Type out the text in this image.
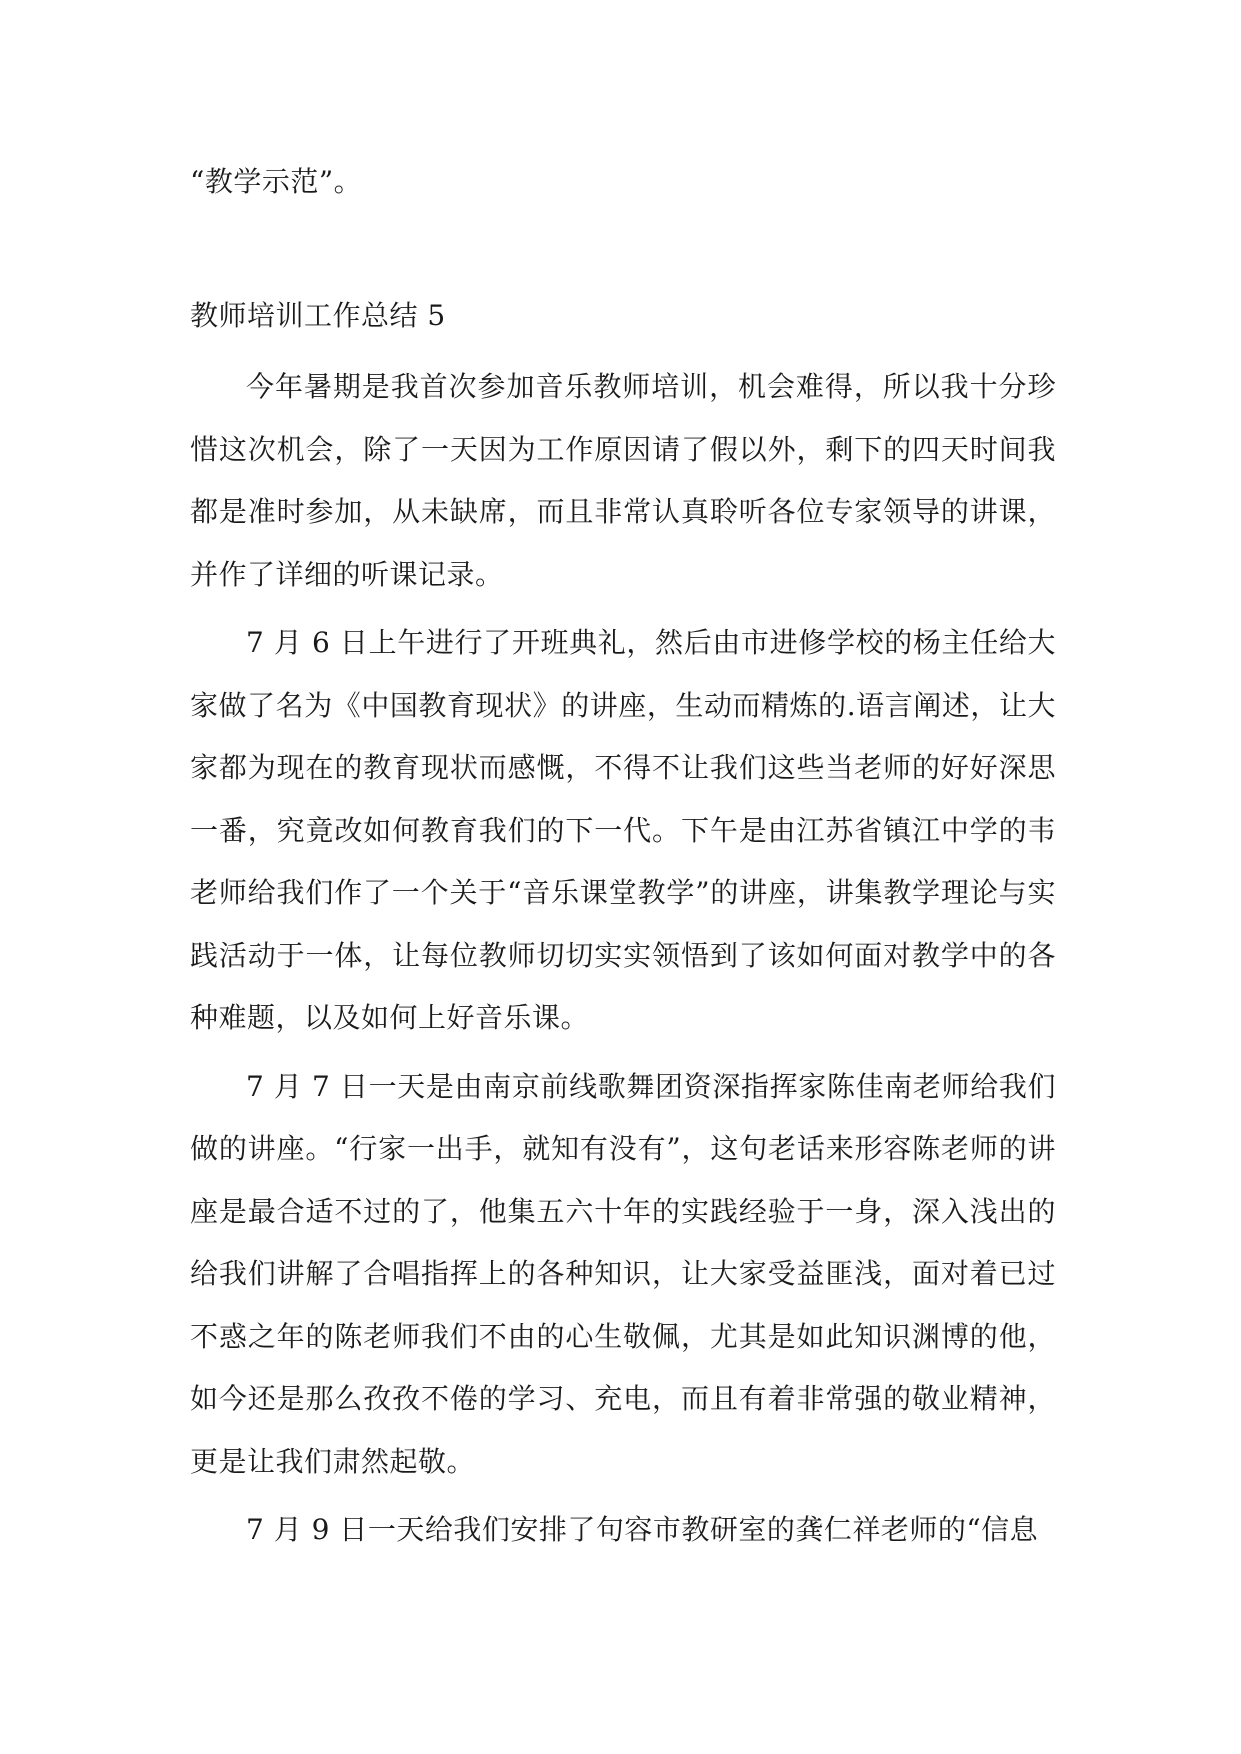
“教学示范”。
教师培训工作总结 5

今年暑期是我首次参加音乐教师培训，机会难得，所以我十分珍惜这次机会，除了一天因为工作原因请了假以外，剩下的四天时间我都是准时参加，从未缺席，而且非常认真聆听各位专家领导的讲课，并作了详细的听课记录。

7 月 6 日上午进行了开班典礼，然后由市进修学校的杨主任给大家做了名为《中国教育现状》的讲座，生动而精炼的.语言阐述，让大家都为现在的教育现状而感慨，不得不让我们这些当老师的好好深思一番，究竟改如何教育我们的下一代。下午是由江苏省镇江中学的韦老师给我们作了一个关于“音乐课堂教学”的讲座，讲集教学理论与实践活动于一体，让每位教师切切实实领悟到了该如何面对教学中的各种难题，以及如何上好音乐课。

7 月 7 日一天是由南京前线歌舞团资深指挥家陈佳南老师给我们做的讲座。“行家一出手，就知有没有”，这句老话来形容陈老师的讲座是最合适不过的了，他集五六十年的实践经验于一身，深入浅出的给我们讲解了合唱指挥上的各种知识，让大家受益匪浅，面对着已过不惑之年的陈老师我们不由的心生敬佩，尤其是如此知识渊博的他，如今还是那么孜孜不倦的学习、充电，而且有着非常强的敬业精神，更是让我们肃然起敬。

7 月 9 日一天给我们安排了句容市教研室的龚仁祥老师的“信息
